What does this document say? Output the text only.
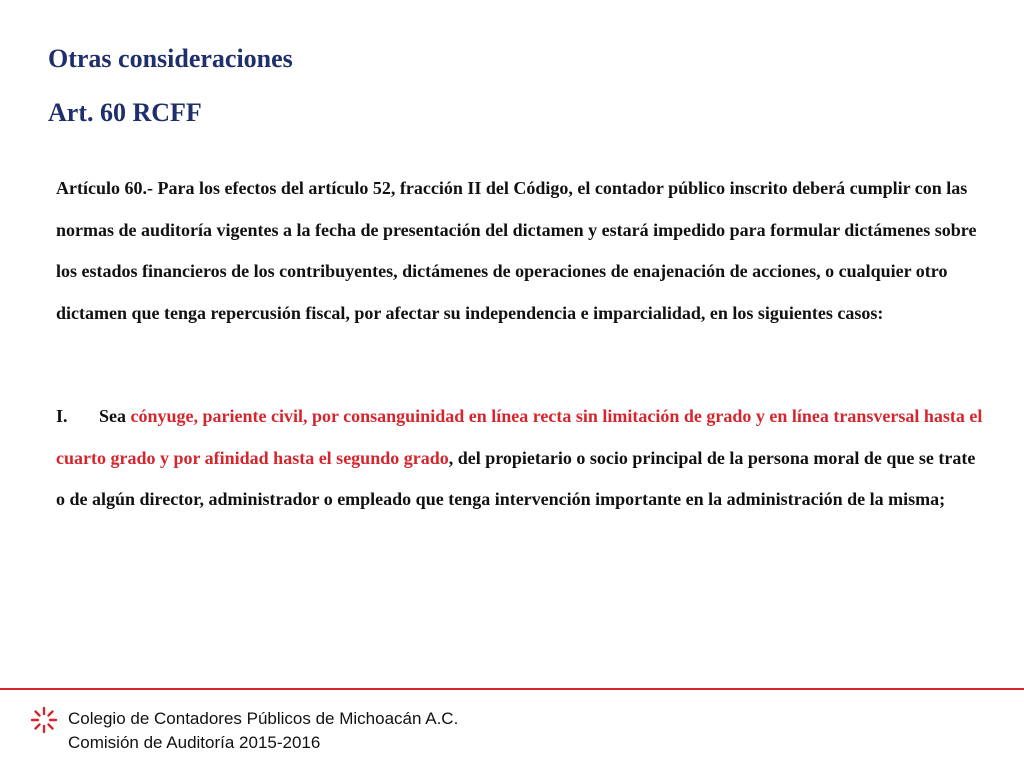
Otras consideraciones
Art. 60 RCFF

Artículo 60.- Para los efectos del artículo 52, fracción II del Código, el contador público inscrito deberá cumplir con las normas de auditoría vigentes a la fecha de presentación del dictamen y estará impedido para formular dictámenes sobre los estados financieros de los contribuyentes, dictámenes de operaciones de enajenación de acciones, o cualquier otro dictamen que tenga repercusión fiscal, por afectar su independencia e imparcialidad, en los siguientes casos:

I. Sea cónyuge, pariente civil, por consanguinidad en línea recta sin limitación de grado y en línea transversal hasta el cuarto grado y por afinidad hasta el segundo grado, del propietario o socio principal de la persona moral de que se trate o de algún director, administrador o empleado que tenga intervención importante en la administración de la misma;

Colegio de Contadores Públicos de Michoacán A.C.
Comisión de Auditoría 2015-2016
